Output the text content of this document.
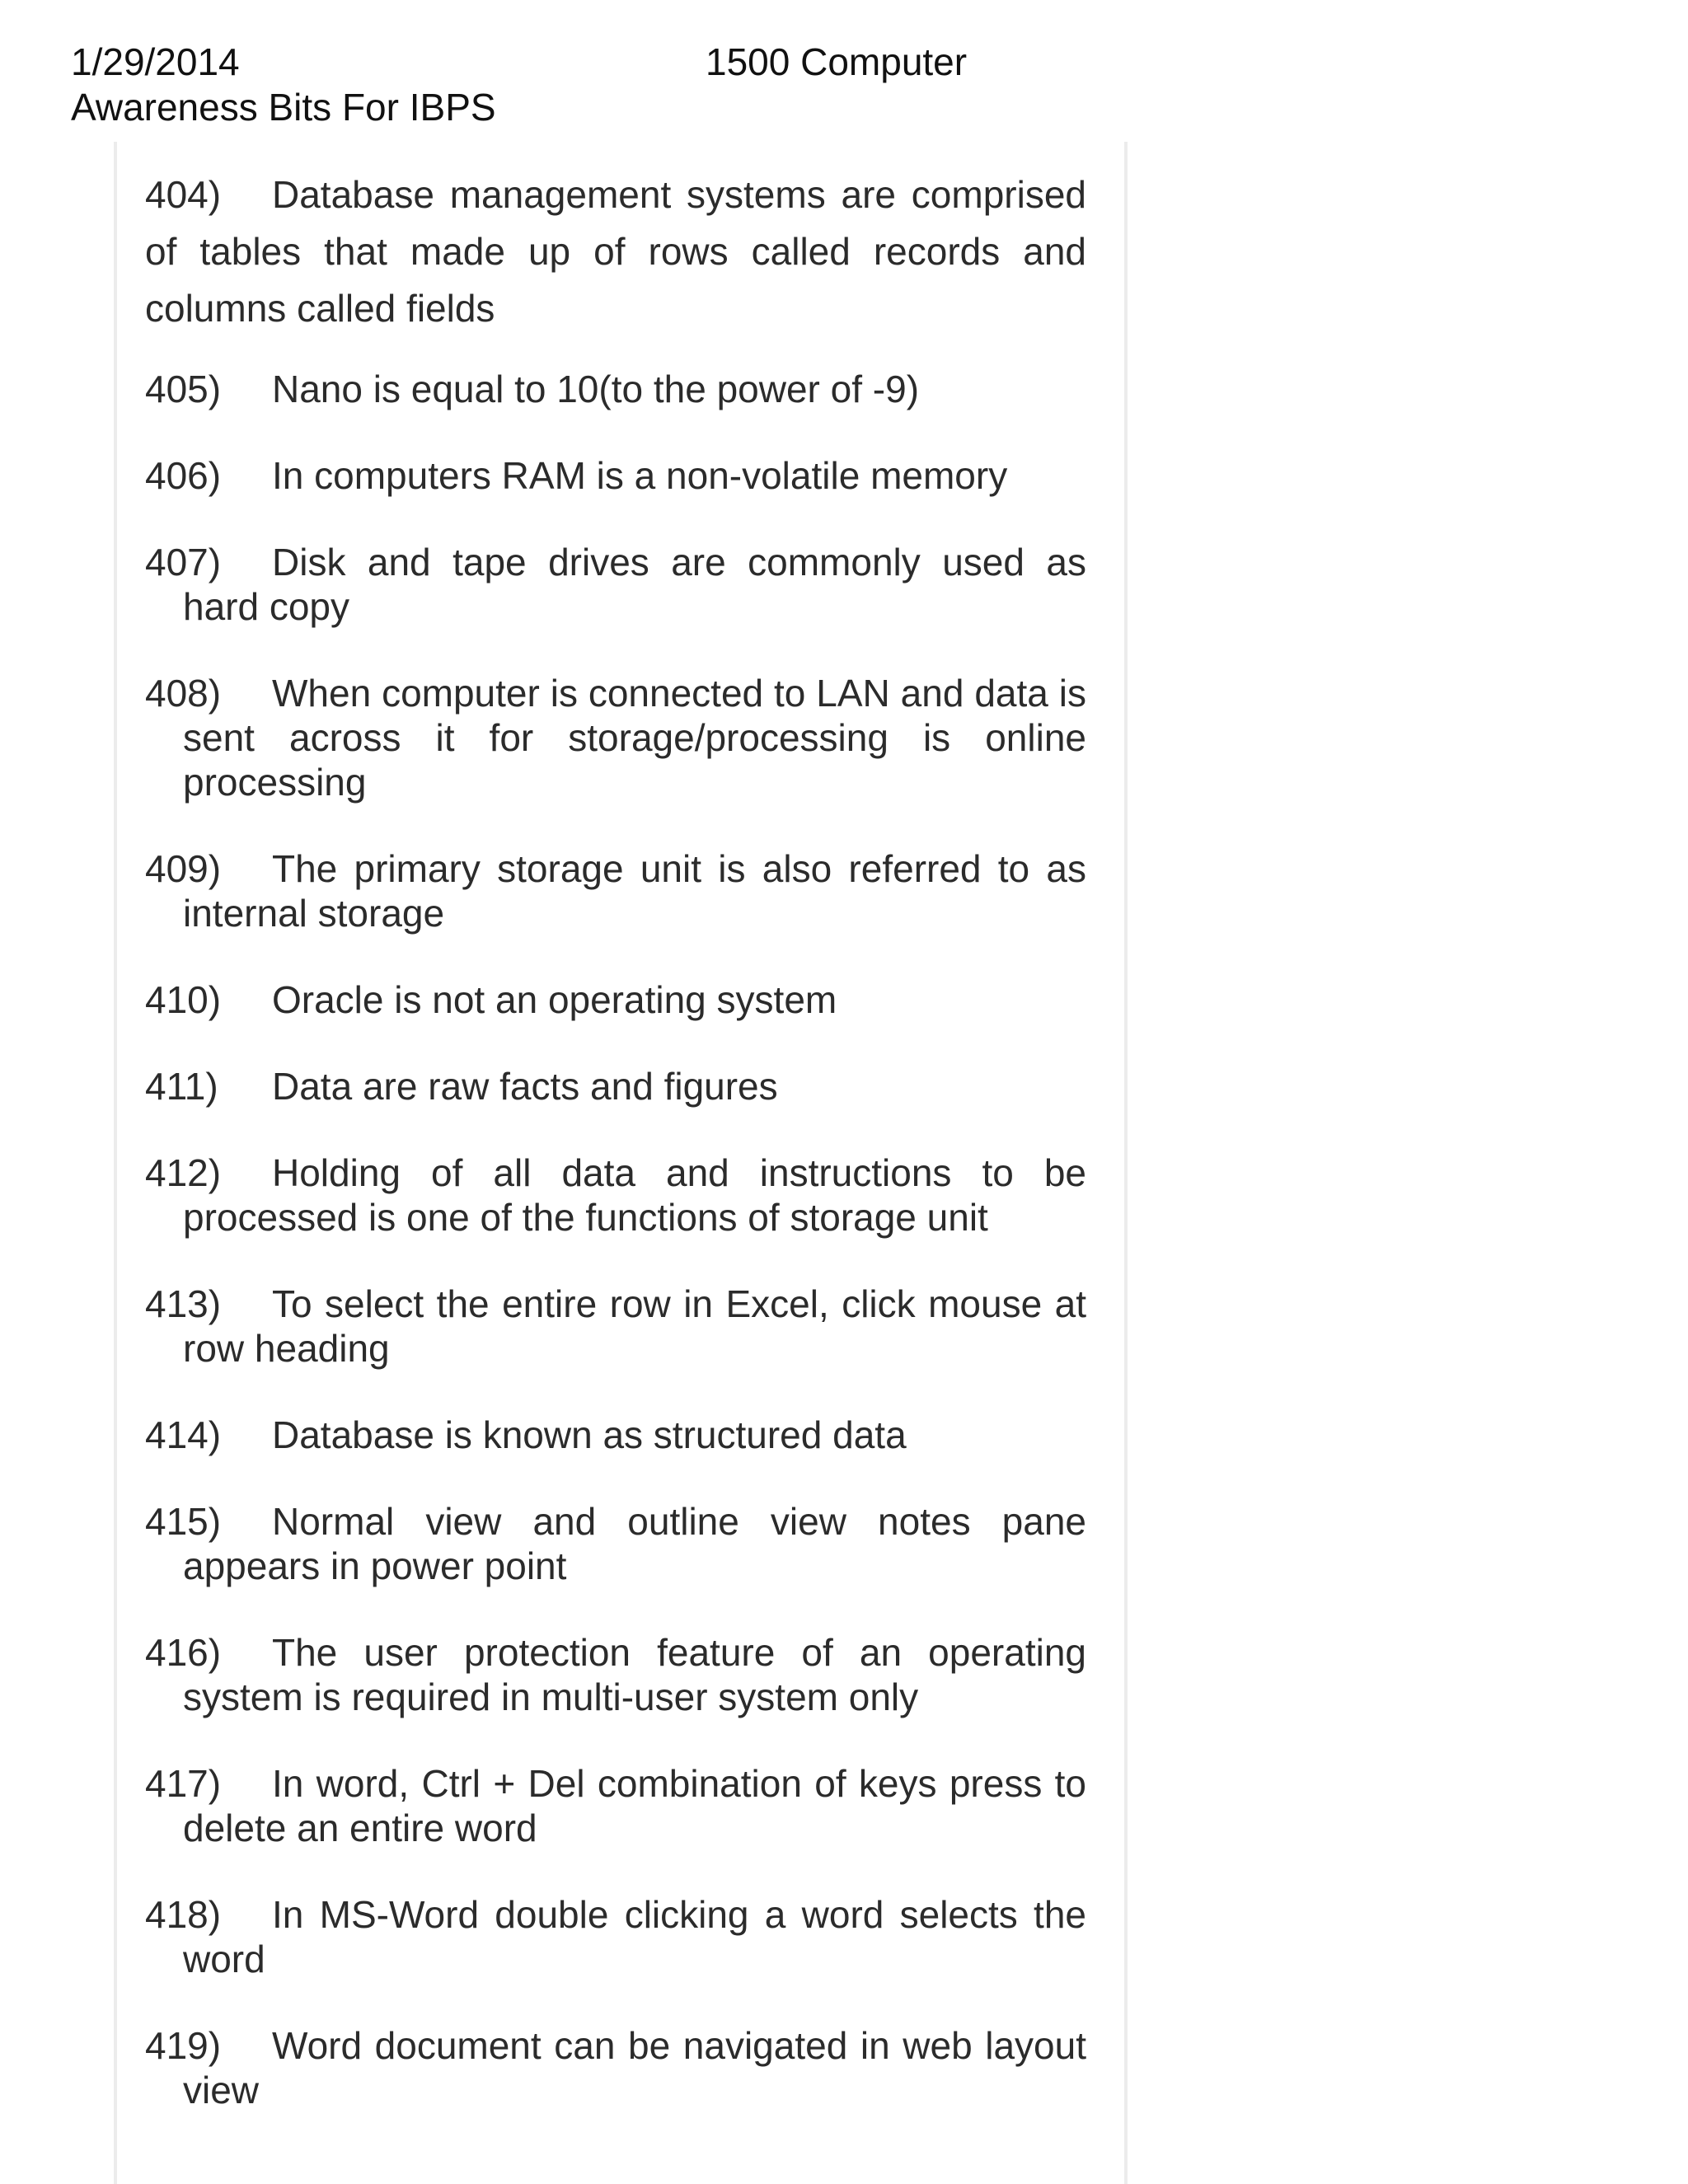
1/29/2014	1500 Computer
Awareness Bits For IBPS
404) Database management systems are comprised of tables that made up of rows called records and columns called fields
405) Nano is equal to 10(to the power of -9)
406) In computers RAM is a non-volatile memory
407) Disk and tape drives are commonly used as hard copy
408) When computer is connected to LAN and data is sent across it for storage/processing is online processing
409) The primary storage unit is also referred to as internal storage
410) Oracle is not an operating system
411) Data are raw facts and figures
412) Holding of all data and instructions to be processed is one of the functions of storage unit
413) To select the entire row in Excel, click mouse at row heading
414) Database is known as structured data
415) Normal view and outline view notes pane appears in power point
416) The user protection feature of an operating system is required in multi-user system only
417) In word, Ctrl + Del combination of keys press to delete an entire word
418) In MS-Word double clicking a word selects the word
419) Word document can be navigated in web layout view
